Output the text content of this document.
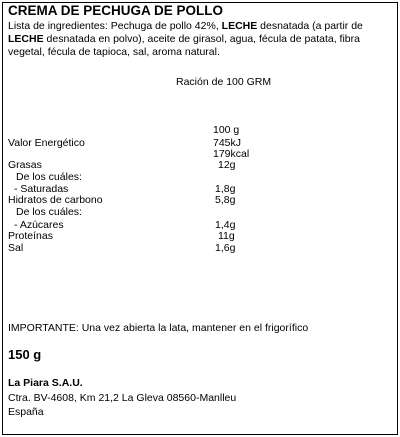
CREMA DE PECHUGA DE POLLO
Lista de ingredientes: Pechuga de pollo 42%, LECHE desnatada (a partir de LECHE desnatada en polvo), aceite de girasol, agua, fécula de patata, fibra vegetal, fécula de tapioca, sal, aroma natural.
Ración de 100 GRM
100 g
Valor Energético	745kJ
179kcal
Grasas	12g
De los cuáles:
- Saturadas	1,8g
Hidratos de carbono	5,8g
De los cuáles:
- Azúcares	1,4g
Proteínas	11g
Sal	1,6g
IMPORTANTE: Una vez abierta la lata, mantener en el frigorífico
150 g
La Piara S.A.U.
Ctra. BV-4608, Km 21,2 La Gleva 08560-Manlleu
España
